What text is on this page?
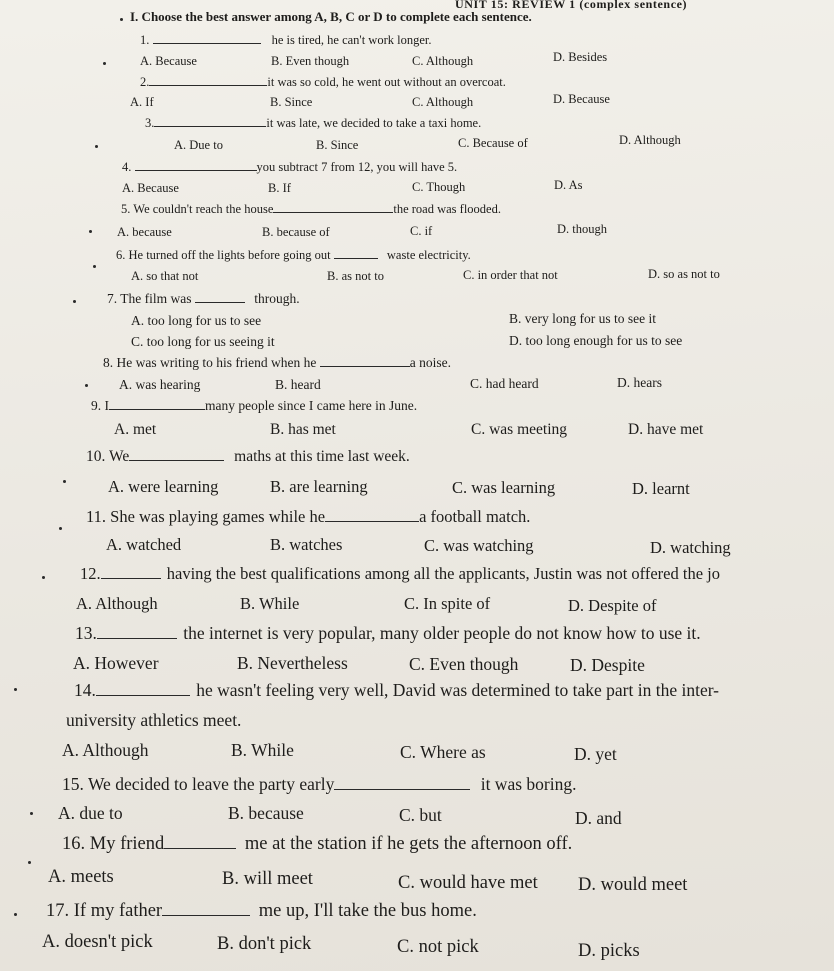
UNIT 15: REVIEW 1 (complex sentence)
I. Choose the best answer among A, B, C or D to complete each sentence.
1.	he is tired, he can't work longer.
A. Because	B. Even though	C. Although	D. Besides
2.	it was so cold, he went out without an overcoat.
A. If	B. Since	C. Although	D. Because
3.	it was late, we decided to take a taxi home.
A. Due to	B. Since	C. Because of	D. Although
4.	you subtract 7 from 12, you will have 5.
A. Because	B. If	C. Though	D. As
5. We couldn't reach the house	the road was flooded.
A. because	B. because of	C. if	D. though
6. He turned off the lights before going out	waste electricity.
A. so that not	B. as not to	C. in order that not	D. so as not to
7. The film was	through.
A. too long for us to see	B. very long for us to see it
C. too long for us seeing it	D. too long enough for us to see
8. He was writing to his friend when he	a noise.
A. was hearing	B. heard	C. had heard	D. hears
9. I	many people since I came here in June.
A. met	B. has met	C. was meeting	D. have met
10. We	maths at this time last week.
A. were learning	B. are learning	C. was learning	D. learnt
11. She was playing games while he	a football match.
A. watched	B. watches	C. was watching	D. watching
12.	having the best qualifications among all the applicants, Justin was not offered the jo
A. Although	B. While	C. In spite of	D. Despite of
13.	the internet is very popular, many older people do not know how to use it.
A. However	B. Nevertheless	C. Even though	D. Despite
14.	he wasn't feeling very well, David was determined to take part in the inter-
university athletics meet.
A. Although	B. While	C. Where as	D. yet
15. We decided to leave the party early	it was boring.
A. due to	B. because	C. but	D. and
16. My friend	me at the station if he gets the afternoon off.
A. meets	B. will meet	C. would have met D. would meet
17. If my father	me up, I'll take the bus home.
A. doesn't pick	B. don't pick	C. not pick	D. picks
